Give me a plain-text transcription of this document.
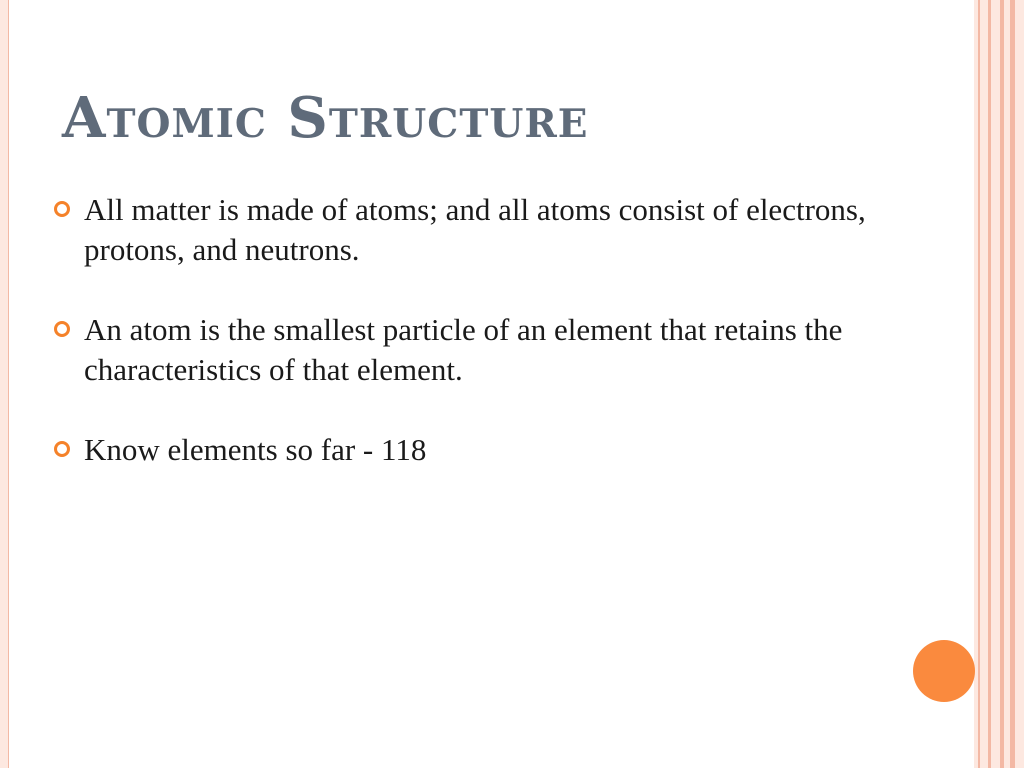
Atomic Structure
All matter is made of atoms; and all atoms consist of electrons, protons, and neutrons.
An atom is the smallest particle of an element that retains the characteristics of that element.
Know elements so far - 118
